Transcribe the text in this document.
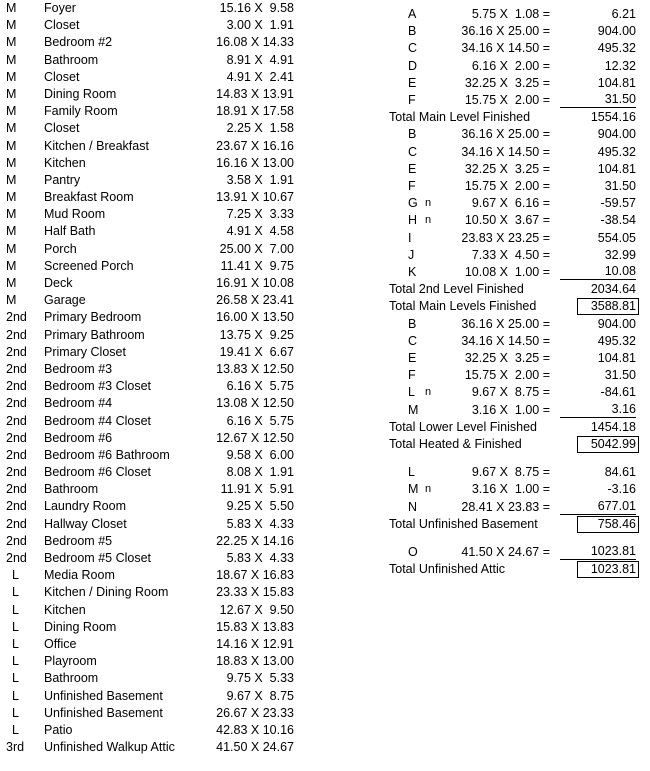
M	Foyer	15.16 X  9.58
M	Closet	3.00 X  1.91
M	Bedroom #2	16.08 X 14.33
M	Bathroom	8.91 X  4.91
M	Closet	4.91 X  2.41
M	Dining Room	14.83 X 13.91
M	Family Room	18.91 X 17.58
M	Closet	2.25 X  1.58
M	Kitchen / Breakfast	23.67 X 16.16
M	Kitchen	16.16 X 13.00
M	Pantry	3.58 X  1.91
M	Breakfast Room	13.91 X 10.67
M	Mud Room	7.25 X  3.33
M	Half Bath	4.91 X  4.58
M	Porch	25.00 X  7.00
M	Screened Porch	11.41 X  9.75
M	Deck	16.91 X 10.08
M	Garage	26.58 X 23.41
2nd	Primary Bedroom	16.00 X 13.50
2nd	Primary Bathroom	13.75 X  9.25
2nd	Primary Closet	19.41 X  6.67
2nd	Bedroom #3	13.83 X 12.50
2nd	Bedroom #3 Closet	6.16 X  5.75
2nd	Bedroom #4	13.08 X 12.50
2nd	Bedroom #4 Closet	6.16 X  5.75
2nd	Bedroom #6	12.67 X 12.50
2nd	Bedroom #6 Bathroom	9.58 X  6.00
2nd	Bedroom #6 Closet	8.08 X  1.91
2nd	Bathroom	11.91 X  5.91
2nd	Laundry Room	9.25 X  5.50
2nd	Hallway Closet	5.83 X  4.33
2nd	Bedroom #5	22.25 X 14.16
2nd	Bedroom #5 Closet	5.83 X  4.33
L	Media Room	18.67 X 16.83
L	Kitchen / Dining Room	23.33 X 15.83
L	Kitchen	12.67 X  9.50
L	Dining Room	15.83 X 13.83
L	Office	14.16 X 12.91
L	Playroom	18.83 X 13.00
L	Bathroom	9.75 X  5.33
L	Unfinished Basement	9.67 X  8.75
L	Unfinished Basement	26.67 X 23.33
L	Patio	42.83 X 10.16
3rd	Unfinished Walkup Attic	41.50 X 24.67
A	5.75 X  1.08 =	6.21
B	36.16 X 25.00 =	904.00
C	34.16 X 14.50 =	495.32
D	6.16 X  2.00 =	12.32
E	32.25 X  3.25 =	104.81
F	15.75 X  2.00 =	31.50
Total Main Level Finished	1554.16
B	36.16 X 25.00 =	904.00
C	34.16 X 14.50 =	495.32
E	32.25 X  3.25 =	104.81
F	15.75 X  2.00 =	31.50
G n	9.67 X  6.16 =	-59.57
H n	10.50 X  3.67 =	-38.54
I	23.83 X 23.25 =	554.05
J	7.33 X  4.50 =	32.99
K	10.08 X  1.00 =	10.08
Total 2nd Level Finished	2034.64
Total Main Levels Finished	3588.81
B	36.16 X 25.00 =	904.00
C	34.16 X 14.50 =	495.32
E	32.25 X  3.25 =	104.81
F	15.75 X  2.00 =	31.50
L n	9.67 X  8.75 =	-84.61
M	3.16 X  1.00 =	3.16
Total Lower Level Finished	1454.18
Total Heated & Finished	5042.99
L	9.67 X  8.75 =	84.61
M n	3.16 X  1.00 =	-3.16
N	28.41 X 23.83 =	677.01
Total Unfinished Basement	758.46
O	41.50 X 24.67 =	1023.81
Total Unfinished Attic	1023.81
